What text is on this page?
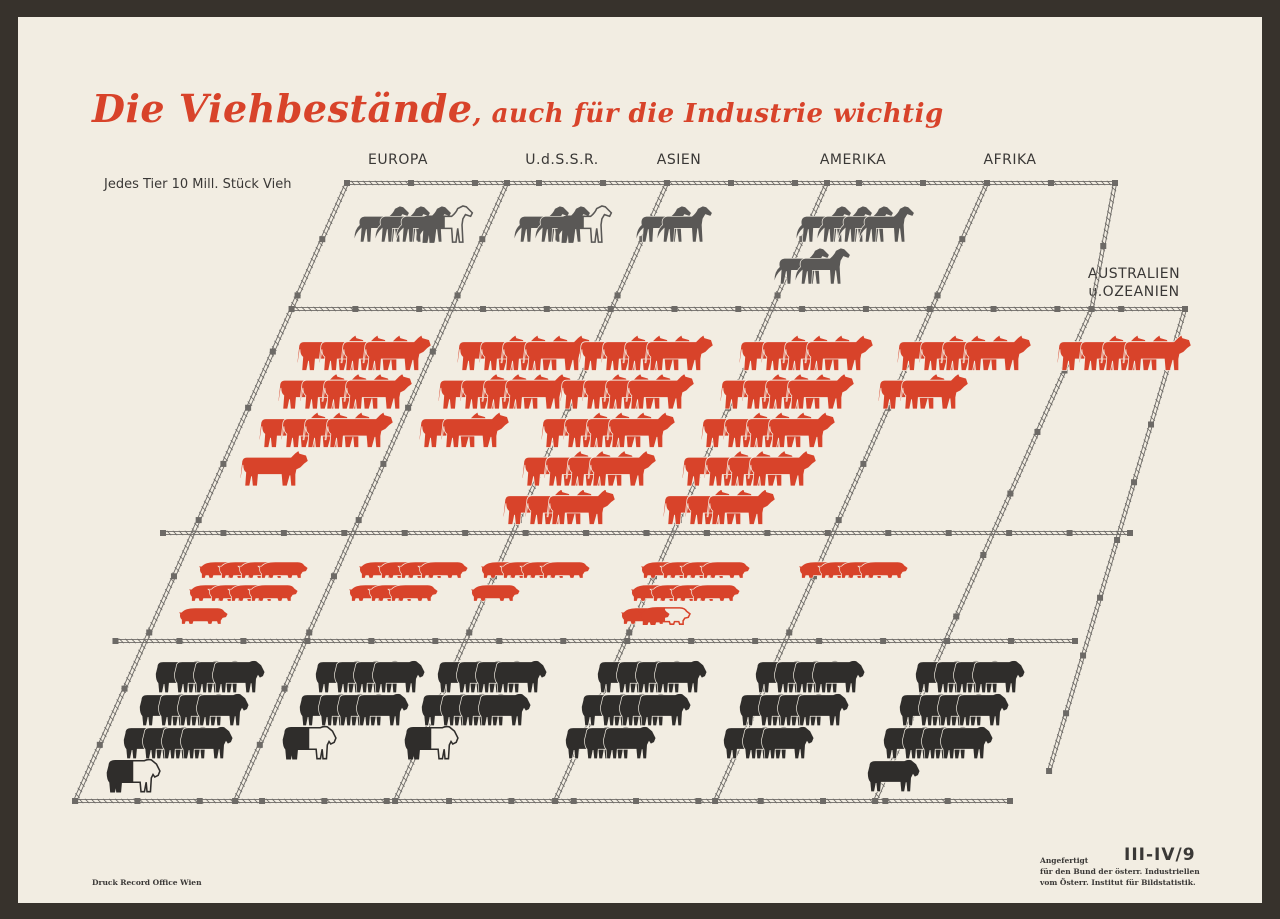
Die Viehbestände, auch für die Industrie wichtig
Jedes Tier 10 Mill. Stück Vieh
EUROPA	U.d.S.S.R.	ASIEN	AMERIKA	AFRIKA
AUSTRALIEN u.OZEANIEN
Druck Record Office Wien
III-IV/9
Angefertigt
für den Bund der österr. Industriellen
vom Österr. Institut für Bildstatistik.
